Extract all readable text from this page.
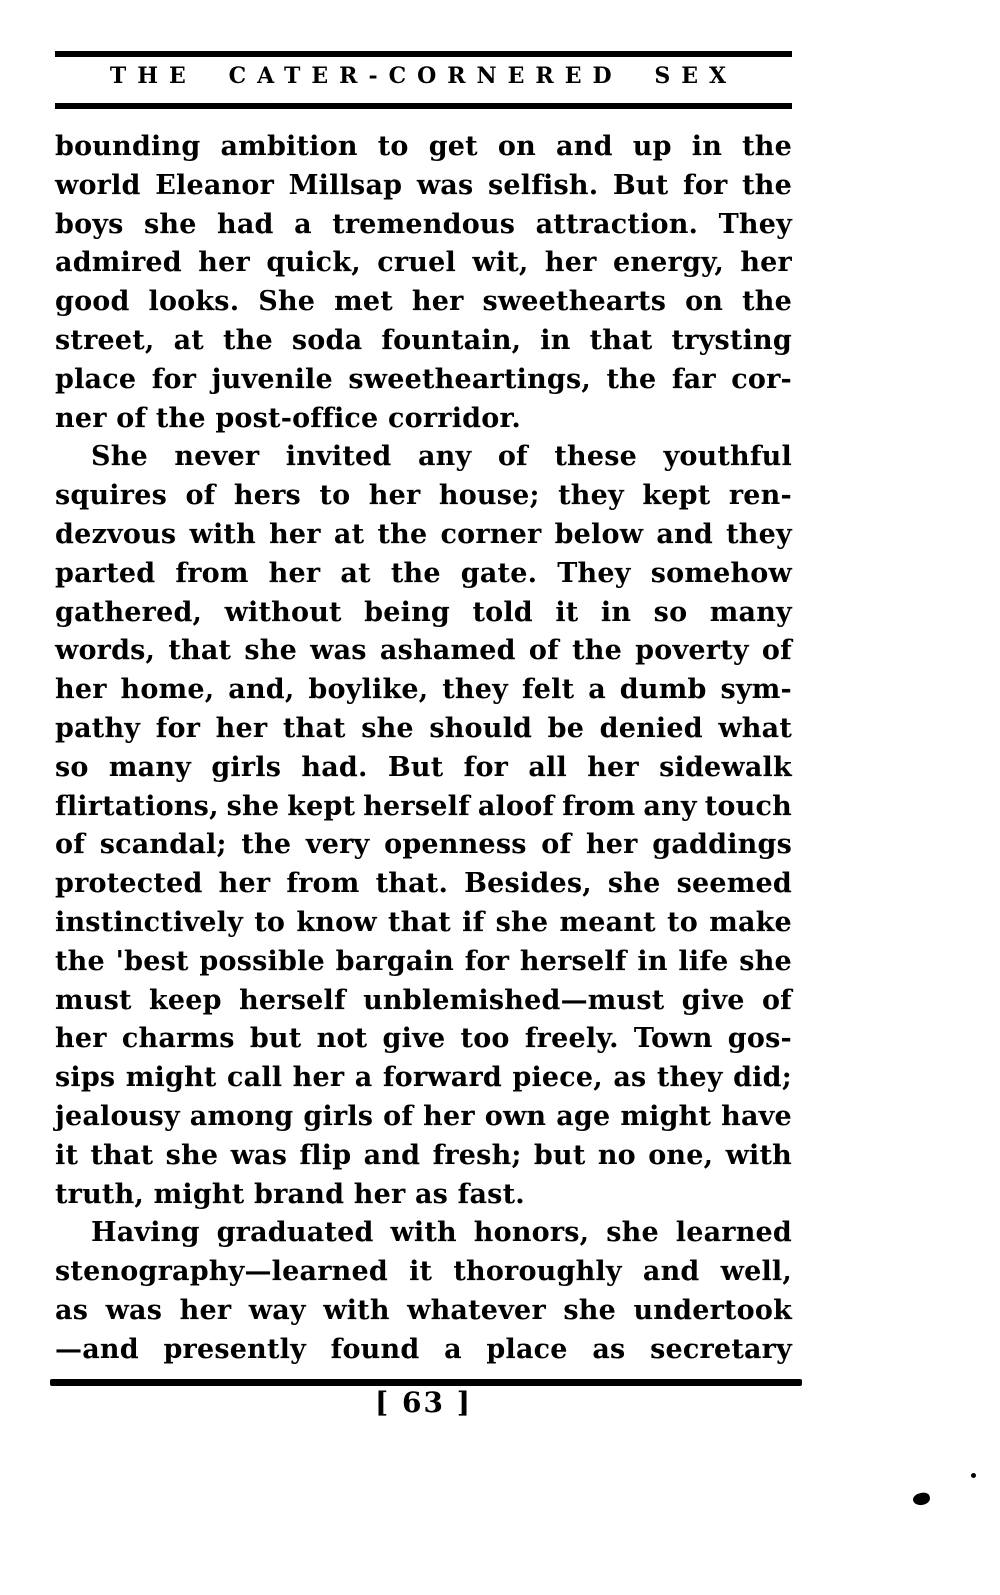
THE CATER-CORNERED SEX
bounding ambition to get on and up in the
world Eleanor Millsap was selfish. But for the
boys she had a tremendous attraction. They
admired her quick, cruel wit, her energy, her
good looks. She met her sweethearts on the
street, at the soda fountain, in that trysting
place for juvenile sweetheartings, the far cor-
ner of the post-office corridor.
She never invited any of these youthful
squires of hers to her house; they kept ren-
dezvous with her at the corner below and they
parted from her at the gate. They somehow
gathered, without being told it in so many
words, that she was ashamed of the poverty of
her home, and, boylike, they felt a dumb sym-
pathy for her that she should be denied what
so many girls had. But for all her sidewalk
flirtations, she kept herself aloof from any touch
of scandal; the very openness of her gaddings
protected her from that. Besides, she seemed
instinctively to know that if she meant to make
the 'best possible bargain for herself in life she
must keep herself unblemished—must give of
her charms but not give too freely. Town gos-
sips might call her a forward piece, as they did;
jealousy among girls of her own age might have
it that she was flip and fresh; but no one, with
truth, might brand her as fast.
Having graduated with honors, she learned
stenography—learned it thoroughly and well,
as was her way with whatever she undertook
—and presently found a place as secretary
[ 63 ]
